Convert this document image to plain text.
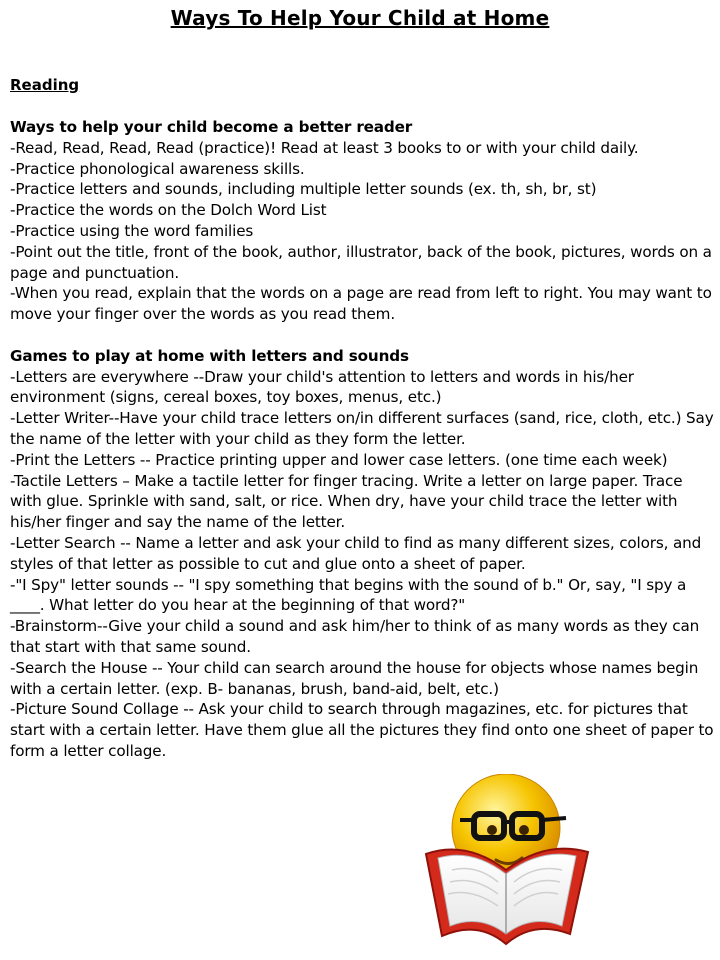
Ways To Help Your Child at Home
Reading

Ways to help your child become a better reader

-Read, Read, Read, Read (practice)! Read at least 3 books to or with your child daily.

-Practice phonological awareness skills.

-Practice letters and sounds, including multiple letter sounds (ex. th, sh, br, st)

-Practice the words on the Dolch Word List

-Practice using the word families

-Point out the title, front of the book, author, illustrator, back of the book, pictures, words on a page and punctuation.

-When you read, explain that the words on a page are read from left to right. You may want to move your finger over the words as you read them.

Games to play at home with letters and sounds

-Letters are everywhere --Draw your child's attention to letters and words in his/her environment (signs, cereal boxes, toy boxes, menus, etc.)

-Letter Writer--Have your child trace letters on/in different surfaces (sand, rice, cloth, etc.) Say the name of the letter with your child as they form the letter.

-Print the Letters -- Practice printing upper and lower case letters. (one time each week)

-Tactile Letters – Make a tactile letter for finger tracing. Write a letter on large paper. Trace with glue. Sprinkle with sand, salt, or rice. When dry, have your child trace the letter with his/her finger and say the name of the letter.

-Letter Search -- Name a letter and ask your child to find as many different sizes, colors, and styles of that letter as possible to cut and glue onto a sheet of paper.

-"I Spy" letter sounds -- "I spy something that begins with the sound of b." Or, say, "I spy a ____. What letter do you hear at the beginning of that word?"

-Brainstorm--Give your child a sound and ask him/her to think of as many words as they can that start with that same sound.

-Search the House -- Your child can search around the house for objects whose names begin with a certain letter. (exp. B- bananas, brush, band-aid, belt, etc.)

-Picture Sound Collage -- Ask your child to search through magazines, etc. for pictures that start with a certain letter. Have them glue all the pictures they find onto one sheet of paper to form a letter collage.
